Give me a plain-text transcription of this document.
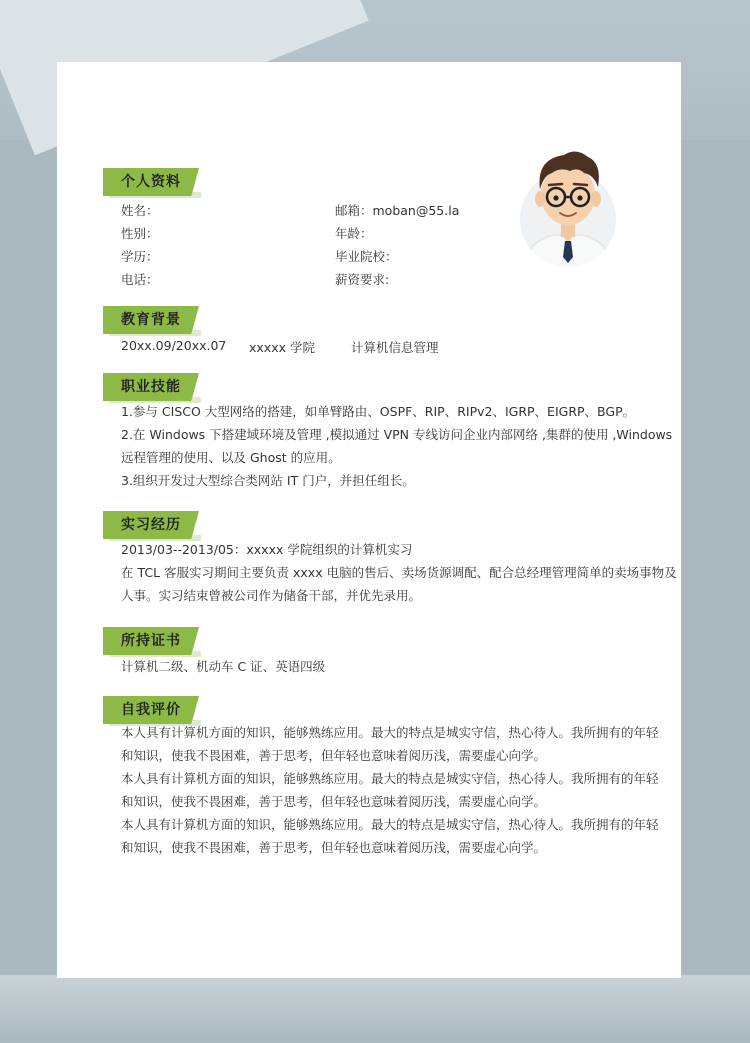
个人资料
姓名：
性别：
学历：
电话：
邮箱：moban@55.la
年龄：
毕业院校：
薪资要求:
教育背景
20xx.09/20xx.07 xxxxx 学院	计算机信息管理
职业技能
1.参与 CISCO 大型网络的搭建，如单臂路由、OSPF、RIP、RIPv2、IGRP、EIGRP、BGP。
2.在 Windows 下搭建域环境及管理 ,模拟通过 VPN 专线访问企业内部网络 ,集群的使用 ,Windows
远程管理的使用、以及 Ghost 的应用。
3.组织开发过大型综合类网站 IT 门户，并担任组长。
实习经历
2013/03--2013/05：xxxxx 学院组织的计算机实习
在 TCL 客服实习期间主要负责 xxxx 电脑的售后、卖场货源调配、配合总经理管理简单的卖场事物及
人事。实习结束曾被公司作为储备干部，并优先录用。
所持证书
计算机二级、机动车 C 证、英语四级
自我评价
本人具有计算机方面的知识，能够熟练应用。最大的特点是城实守信，热心待人。我所拥有的年轻
和知识，使我不畏困难，善于思考，但年轻也意味着阅历浅，需要虚心向学。
本人具有计算机方面的知识，能够熟练应用。最大的特点是城实守信，热心待人。我所拥有的年轻
和知识，使我不畏困难，善于思考，但年轻也意味着阅历浅，需要虚心向学。
本人具有计算机方面的知识，能够熟练应用。最大的特点是城实守信，热心待人。我所拥有的年轻
和知识，使我不畏困难，善于思考，但年轻也意味着阅历浅，需要虚心向学。
